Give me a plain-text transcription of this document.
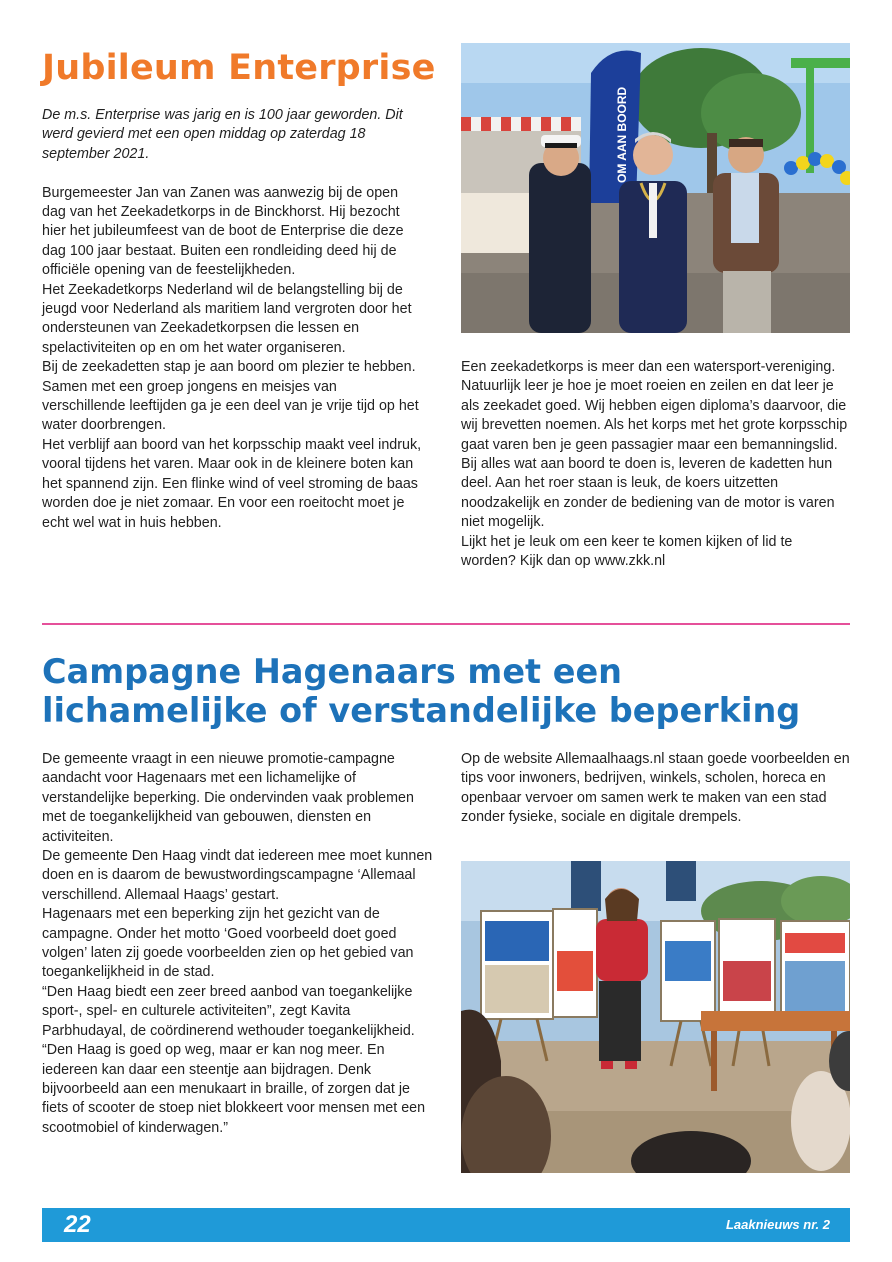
Jubileum Enterprise

De m.s. Enterprise was jarig en is 100 jaar geworden. Dit werd gevierd met een open middag op zaterdag 18 september 2021.

Burgemeester Jan van Zanen was aanwezig bij de open dag van het Zeekadetkorps in de Binckhorst. Hij bezocht hier het jubileumfeest van de boot de Enterprise die deze dag 100 jaar bestaat. Buiten een rondleiding deed hij de officiële opening van de feestelijkheden.

Het Zeekadetkorps Nederland wil de belangstelling bij de jeugd voor Nederland als maritiem land vergroten door het ondersteunen van Zeekadetkorpsen die lessen en spelactiviteiten op en om het water organiseren.

Bij de zeekadetten stap je aan boord om plezier te hebben. Samen met een groep jongens en meisjes van verschillende leeftijden ga je een deel van je vrije tijd op het water doorbrengen.

Het verblijf aan boord van het korpsschip maakt veel indruk, vooral tijdens het varen. Maar ook in de kleinere boten kan het spannend zijn. Een flinke wind of veel stroming de baas worden doe je niet zomaar. En voor een roeitocht moet je echt wel wat in huis hebben.

OM AAN BOORD

Een zeekadetkorps is meer dan een watersport-vereniging. Natuurlijk leer je hoe je moet roeien en zeilen en dat leer je als zeekadet goed. Wij hebben eigen diploma’s daarvoor, die wij brevetten noemen. Als het korps met het grote korpsschip gaat varen ben je geen passagier maar een bemanningslid.

Bij alles wat aan boord te doen is, leveren de kadetten hun deel. Aan het roer staan is leuk, de koers uitzetten noodzakelijk en zonder de bediening van de motor is varen niet mogelijk.

Lijkt het je leuk om een keer te komen kijken of lid te worden? Kijk dan op www.zkk.nl

Campagne Hagenaars met een lichamelijke of verstandelijke beperking

De gemeente vraagt in een nieuwe promotie-campagne aandacht voor Hagenaars met een lichamelijke of verstandelijke beperking. Die ondervinden vaak problemen met de toegankelijkheid van gebouwen, diensten en activiteiten.

De gemeente Den Haag vindt dat iedereen mee moet kunnen doen en is daarom de bewustwordingscampagne ‘Allemaal verschillend. Allemaal Haags’ gestart.

Hagenaars met een beperking zijn het gezicht van de campagne. Onder het motto ‘Goed voorbeeld doet goed volgen’ laten zij goede voorbeelden zien op het gebied van toegankelijkheid in de stad.

“Den Haag biedt een zeer breed aanbod van toegankelijke sport-, spel- en culturele activiteiten”, zegt Kavita Parbhudayal, de coördinerend wethouder toegankelijkheid. “Den Haag is goed op weg, maar er kan nog meer. En iedereen kan daar een steentje aan bijdragen. Denk bijvoorbeeld aan een menukaart in braille, of zorgen dat je fiets of scooter de stoep niet blokkeert voor mensen met een scootmobiel of kinderwagen.”

Op de website Allemaalhaags.nl staan goede voorbeelden en tips voor inwoners, bedrijven, winkels, scholen, horeca en openbaar vervoer om samen werk te maken van een stad zonder fysieke, sociale en digitale drempels.

22	Laaknieuws nr. 2
